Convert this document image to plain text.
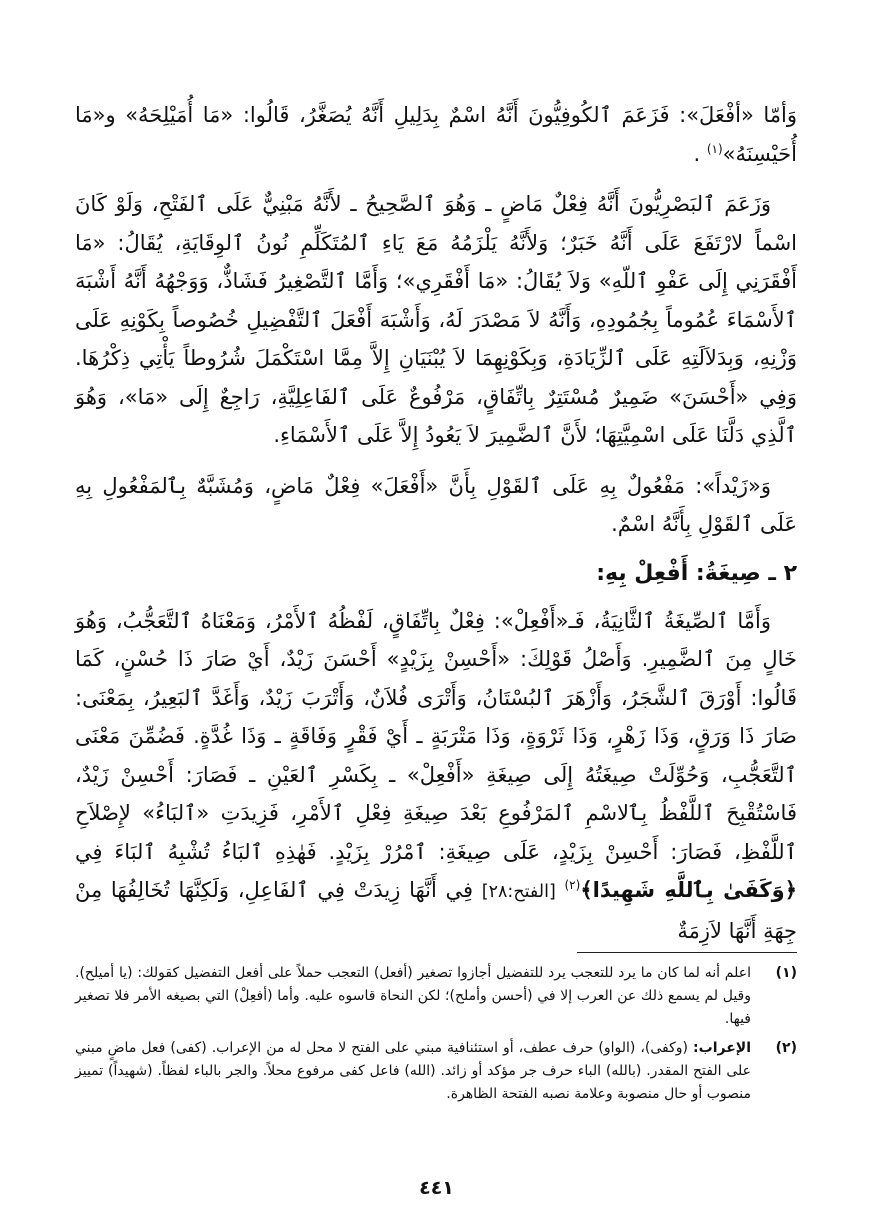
وَأمّا «أفْعَلَ»: فَزَعَمَ ٱلكُوفِيُّونَ أَنَّهُ اسْمٌ بِدَلِيلِ أَنَّهُ يُصَغَّرُ، قَالُوا: «مَا أُمَيْلِحَهُ» و«مَا أُحَيْسِنَهُ»$^{(١)}$ .

وَزَعَمَ ٱلبَصْرِيُّونَ أَنَّهُ فِعْلٌ مَاضٍ ـ وَهُوَ ٱلصَّحِيحُ ـ لأَنَّهُ مَبْنِيٌّ عَلَى ٱلفَتْحِ، وَلَوْ كَانَ اسْماً لارْتَفَعَ عَلَى أَنَّهُ خَبَرٌ؛ وَلأَنَّهُ يَلْزَمُهُ مَعَ يَاءِ ٱلمُتَكَلِّمِ نُونُ ٱلوِقَايَةِ، يُقَالُ: «مَا أَفْقَرَنِي إِلَى عَفْوِ ٱللّهِ» وَلاَ يُقَالُ: «مَا أَفْقَرِي»؛ وَأَمَّا ٱلتَّصْغِيرُ فَشَاذٌّ، وَوَجْهُهُ أَنَّهُ أَشْبَهَ ٱلأَسْمَاءَ عُمُوماً بِجُمُودِهِ، وَأَنَّهُ لاَ مَصْدَرَ لَهُ، وَأَشْبَهَ أَفْعَلَ ٱلتَّفْضِيلِ خُصُوصاً بِكَوْنِهِ عَلَى وَزْنِهِ، وَبِدَلاَلَتِهِ عَلَى ٱلزِّيَادَةِ، وَبِكَوْنِهِمَا لاَ يُبْنَيَانِ إِلاَّ مِمَّا اسْتَكْمَلَ شُرُوطاً يَأْتِي ذِكْرُهَا. وَفِي «أَحْسَنَ» ضَمِيرٌ مُسْتَتِرٌ بِاتِّفَاقٍ، مَرْفُوعٌ عَلَى ٱلفَاعِلِيَّةِ، رَاجِعٌ إِلَى «مَا»، وَهُوَ ٱلَّذِي دَلَّنَا عَلَى اسْمِيَّتِهَا؛ لأَنَّ ٱلضَّمِيرَ لاَ يَعُودُ إِلاَّ عَلَى ٱلأَسْمَاءِ.

وَ«زَيْداً»: مَفْعُولٌ بِهِ عَلَى ٱلقَوْلِ بِأَنَّ «أَفْعَلَ» فِعْلٌ مَاضٍ، وَمُشَبَّهٌ بِٱلمَفْعُولِ بِهِ عَلَى ٱلقَوْلِ بِأَنَّهُ اسْمٌ.

٢ ـ صِيغَةُ: أَفْعِلْ بِهِ:

وَأَمَّا ٱلصِّيغَةُ ٱلثَّانِيَةُ، فَـ«أَفْعِلْ»: فِعْلٌ بِاتِّفَاقٍ، لَفْظُهُ ٱلأَمْرُ، وَمَعْنَاهُ ٱلتَّعَجُّبُ، وَهُوَ خَالٍ مِنَ ٱلضَّمِيرِ. وَأَصْلُ قَوْلِكَ: «أَحْسِنْ بِزَيْدٍ» أَحْسَنَ زَيْدٌ، أَيْ صَارَ ذَا حُسْنٍ، كَمَا قَالُوا: أَوْرَقَ ٱلشَّجَرُ، وَأَزْهَرَ ٱلبُسْتَانُ، وَأَتْرَى فُلاَنٌ، وَأَتْرَبَ زَيْدٌ، وَأَغَدَّ ٱلبَعِيرُ، بِمَعْنَى: صَارَ ذَا وَرَقٍ، وَذَا زَهْرٍ، وَذَا ثَرْوَةٍ، وَذَا مَتْرَبَةٍ ـ أَيْ فَقْرٍ وَفَاقَةٍ ـ وَذَا غُدَّةٍ. فَضُمِّنَ مَعْنَى ٱلتَّعَجُّبِ، وَحُوِّلَتْ صِيغَتُهُ إِلَى صِيغَةِ «أَفْعِلْ» ـ بِكَسْرِ ٱلعَيْنِ ـ فَصَارَ: أَحْسِنْ زَيْدٌ، فَاسْتُقْبِحَ ٱللَّفْظُ بِٱلاسْمِ ٱلمَرْفُوعِ بَعْدَ صِيغَةِ فِعْلِ ٱلأَمْرِ، فَزِيدَتِ «ٱلبَاءُ» لإِصْلاَحِ ٱللَّفْظِ، فَصَارَ: أَحْسِنْ بِزَيْدٍ، عَلَى صِيغَةِ: ٱمْرُرْ بِزَيْدٍ. فَهٰذِهِ ٱلبَاءُ تُشْبِهُ ٱلبَاءَ فِي ﴿وَكَفَىٰ بِٱللَّهِ شَهِيدًا﴾$^{(٢)}$ [الفتح:٢٨] فِي أَنَّهَا زِيدَتْ فِي ٱلفَاعِلِ، وَلَكِنَّهَا تُخَالِفُهَا مِنْ جِهَةِ أَنَّهَا لاَزِمَةٌ

(١)

اعلم أنه لما كان ما يرد للتعجب يرد للتفضيل أجازوا تصغير (أفعل) التعجب حملاً على أفعل التفضيل كقولك: (يا أميلح). وقيل لم يسمع ذلك عن العرب إلا في (أحسن وأملح)؛ لكن النحاة قاسوه عليه. وأما (أفعِلْ) التي بصيغه الأمر فلا تصغير فيها.

(٢)

الإعراب: (وكفى)، (الواو) حرف عطف، أو استئنافية مبني على الفتح لا محل له من الإعراب. (كفى) فعل ماضٍ مبني على الفتح المقدر. (بالله) الباء حرف جر مؤكد أو زائد. (الله) فاعل كفى مرفوع محلاً. والجر بالباء لفظاً. (شهيداً) تمييز منصوب أو حال منصوبة وعلامة نصبه الفتحة الظاهرة.

٤٤١
